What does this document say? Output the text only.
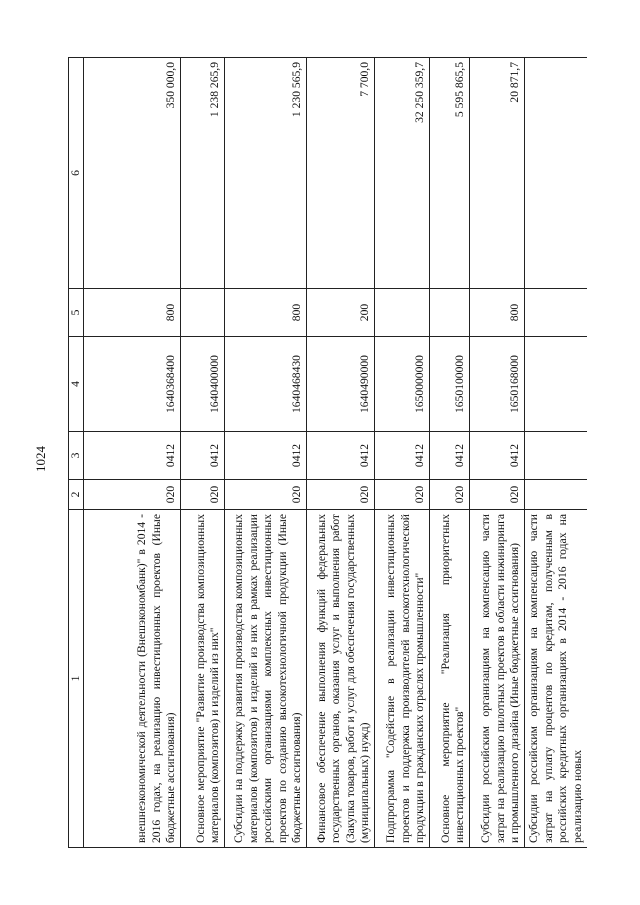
1024
1	2	3	4	5	6
внешнеэкономической деятельности (Внешэкономбанк)" в 2014 - 2016 годах, на реализацию инвестиционных проектов (Иные бюджетные ассигнования)	020	0412	1640368400	800	350 000,0
Основное мероприятие "Развитие производства композиционных материалов (композитов) и изделий из них"	020	0412	1640400000		1 238 265,9
Субсидии на поддержку развития производства композиционных материалов (композитов) и изделий из них в рамках реализации российскими организациями комплексных инвестиционных проектов по созданию высокотехнологичной продукции (Иные бюджетные ассигнования)	020	0412	1640468430	800	1 230 565,9
Финансовое обеспечение выполнения функций федеральных государственных органов, оказания услуг и выполнения работ (Закупка товаров, работ и услуг для обеспечения государственных (муниципальных) нужд)	020	0412	1640490000	200	7 700,0
Подпрограмма "Содействие в реализации инвестиционных проектов и поддержка производителей высокотехнологической продукции в гражданских отраслях промышленности"	020	0412	1650000000		32 250 359,7
Основное мероприятие "Реализация приоритетных инвестиционных проектов"	020	0412	1650100000		5 595 865,5
Субсидии российским организациям на компенсацию части затрат на реализацию пилотных проектов в области инжиниринга и промышленного дизайна (Иные бюджетные ассигнования)	020	0412	1650168000	800	20 871,7
Субсидии российским организациям на компенсацию части затрат на уплату процентов по кредитам, полученным в российских кредитных организациях в 2014 - 2016 годах на реализацию новых					
